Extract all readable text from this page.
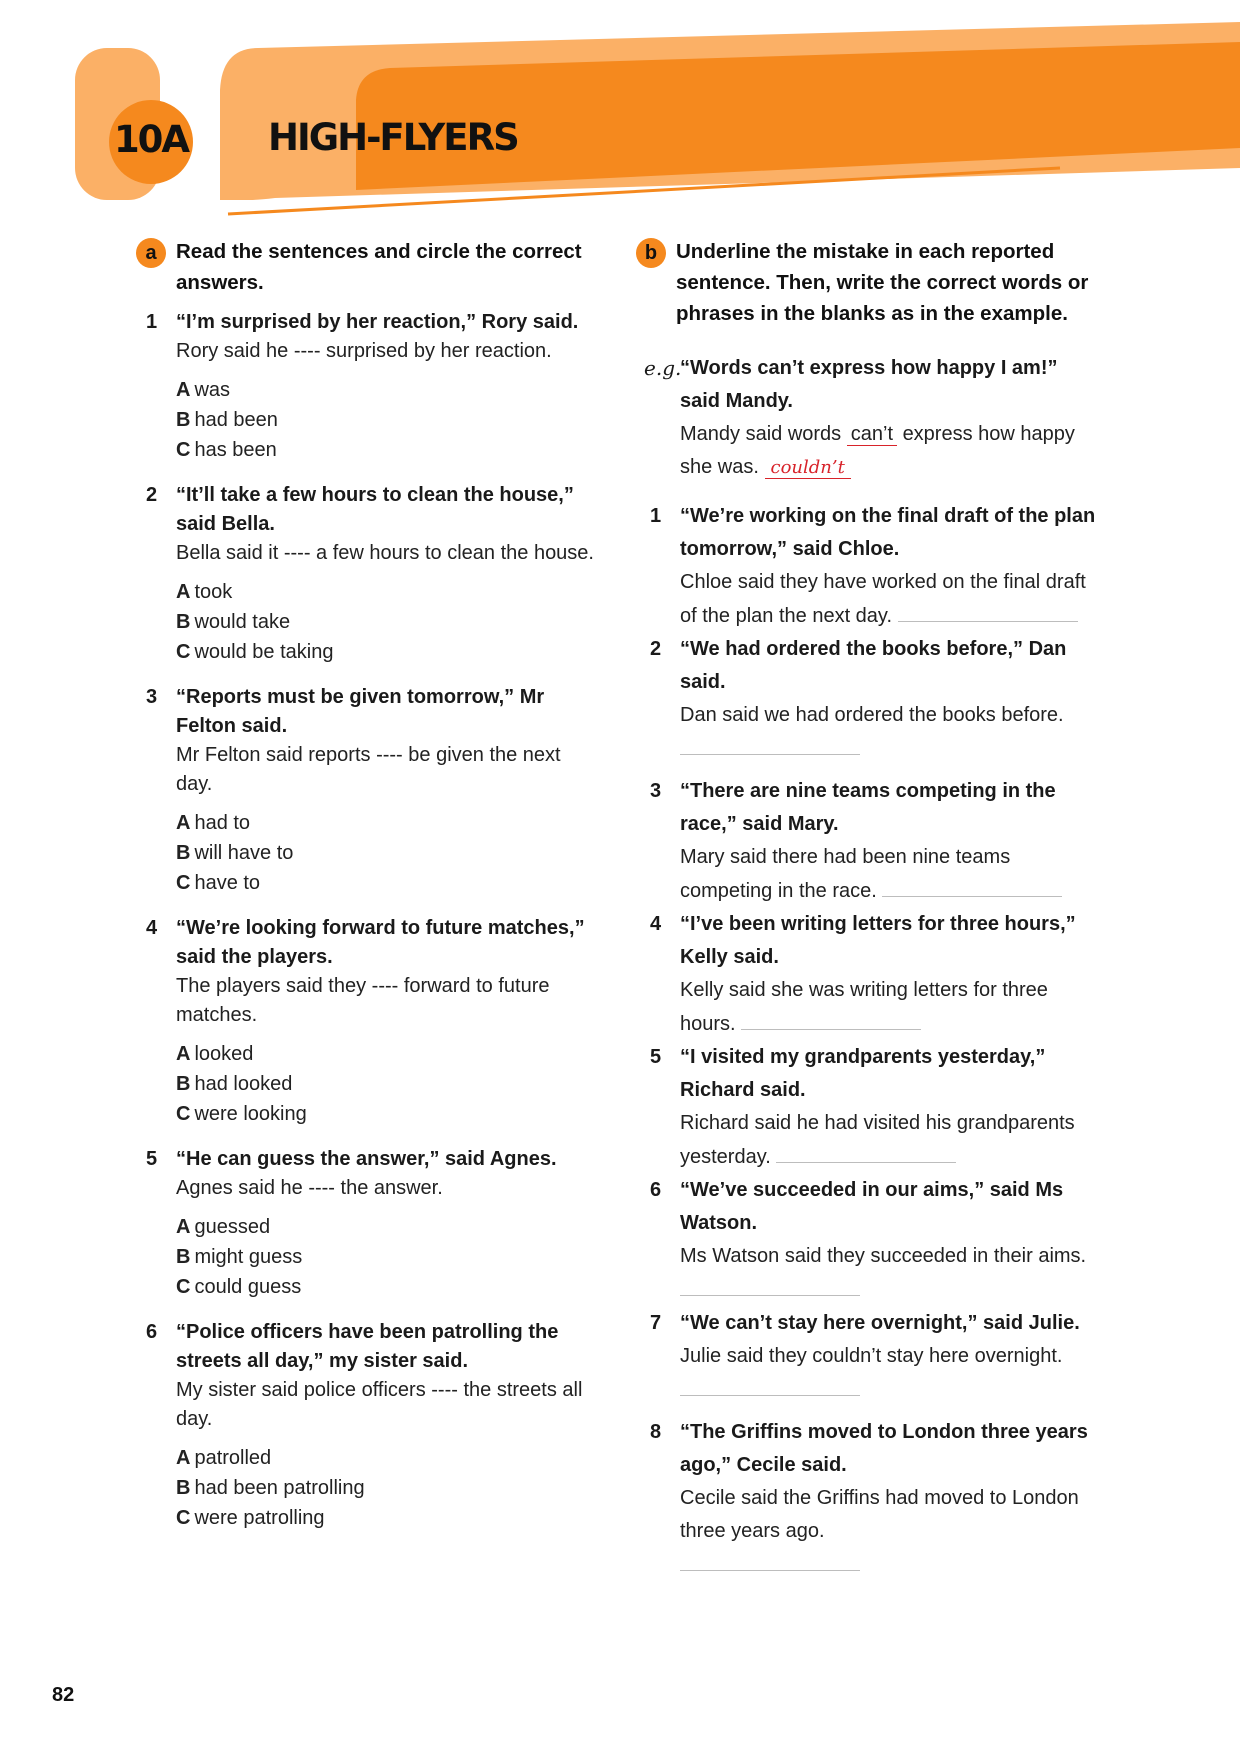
10A HIGH-FLYERS
a Read the sentences and circle the correct answers.
1 “I’m surprised by her reaction,” Rory said.
Rory said he ---- surprised by her reaction.
A was
B had been
C has been
2 “It’ll take a few hours to clean the house,” said Bella.
Bella said it ---- a few hours to clean the house.
A took
B would take
C would be taking
3 “Reports must be given tomorrow,” Mr Felton said.
Mr Felton said reports ---- be given the next day.
A had to
B will have to
C have to
4 “We’re looking forward to future matches,” said the players.
The players said they ---- forward to future matches.
A looked
B had looked
C were looking
5 “He can guess the answer,” said Agnes.
Agnes said he ---- the answer.
A guessed
B might guess
C could guess
6 “Police officers have been patrolling the streets all day,” my sister said.
My sister said police officers ---- the streets all day.
A patrolled
B had been patrolling
C were patrolling
b Underline the mistake in each reported sentence. Then, write the correct words or phrases in the blanks as in the example.
e.g.
“Words can’t express how happy I am!” said Mandy.
Mandy said words can’t express how happy she was. couldn’t
1 “We’re working on the final draft of the plan tomorrow,” said Chloe.
Chloe said they have worked on the final draft of the plan the next day.
2 “We had ordered the books before,” Dan said.
Dan said we had ordered the books before.
3 “There are nine teams competing in the race,” said Mary.
Mary said there had been nine teams competing in the race.
4 “I’ve been writing letters for three hours,” Kelly said.
Kelly said she was writing letters for three hours.
5 “I visited my grandparents yesterday,” Richard said.
Richard said he had visited his grandparents yesterday.
6 “We’ve succeeded in our aims,” said Ms Watson.
Ms Watson said they succeeded in their aims.
7 “We can’t stay here overnight,” said Julie.
Julie said they couldn’t stay here overnight.
8 “The Griffins moved to London three years ago,” Cecile said.
Cecile said the Griffins had moved to London three years ago.
82
